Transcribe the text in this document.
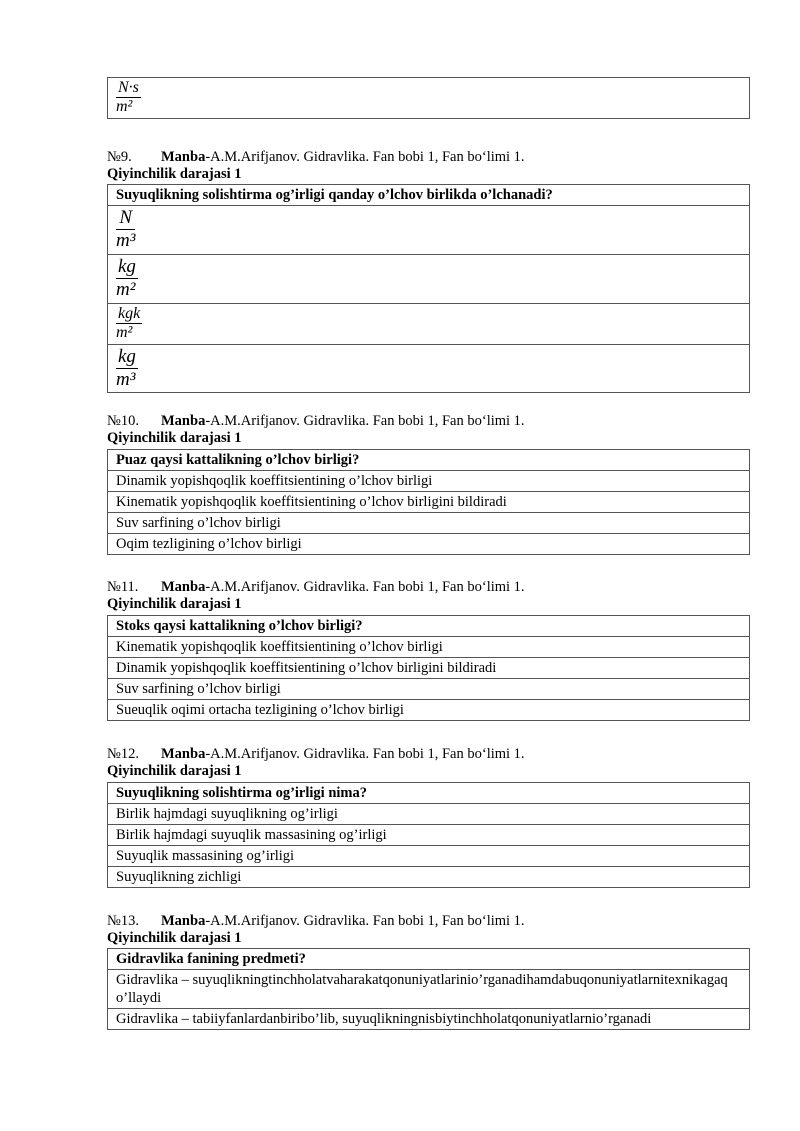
$\frac{N\cdot s}{\text{m²}}$
№9. Manba-A.M.Arifjanov. Gidravlika. Fan bobi 1, Fan bo‘limi 1.
Qiyinchilik darajasi 1
Suyuqlikning solishtirma og’irligi qanday o’lchov birlikda o’lchanadi?

$\frac{N}{\text{m³}}$

$\frac{kg}{\text{m²}}$

$\frac{\text{kgk}}{\text{m²}}$

$\frac{kg}{\text{m³}}$
№10. Manba-A.M.Arifjanov. Gidravlika. Fan bobi 1, Fan bo‘limi 1.
Qiyinchilik darajasi 1
Puaz qaysi kattalikning o’lchov birligi?
Dinamik yopishqoqlik koeffitsientining o’lchov birligi
Kinematik yopishqoqlik koeffitsientining o’lchov birligini bildiradi
Suv sarfining o’lchov birligi
Oqim tezligining o’lchov birligi
№11. Manba-A.M.Arifjanov. Gidravlika. Fan bobi 1, Fan bo‘limi 1.
Qiyinchilik darajasi 1
Stoks qaysi kattalikning o’lchov birligi?
Kinematik yopishqoqlik koeffitsientining o’lchov birligi
Dinamik yopishqoqlik koeffitsientining o’lchov birligini bildiradi
Suv sarfining o’lchov birligi
Sueuqlik oqimi ortacha tezligining o’lchov birligi
№12. Manba-A.M.Arifjanov. Gidravlika. Fan bobi 1, Fan bo‘limi 1.
Qiyinchilik darajasi 1
Suyuqlikning solishtirma og’irligi nima?
Birlik hajmdagi suyuqlikning og’irligi
Birlik hajmdagi suyuqlik massasining og’irligi
Suyuqlik massasining og’irligi
Suyuqlikning zichligi
№13. Manba-A.M.Arifjanov. Gidravlika. Fan bobi 1, Fan bo‘limi 1.
Qiyinchilik darajasi 1
Gidravlika fanining predmeti?
Gidravlika – suyuqlikningtinchholatvaharakatqonuniyatlarinio’rganadihamdabuqonuniyatlarnitexnikagaqo’llaydi
Gidravlika – tabiiyfanlardanbiribo’lib, suyuqlikningnisbiytinchholatqonuniyatlarnio’rganadi
